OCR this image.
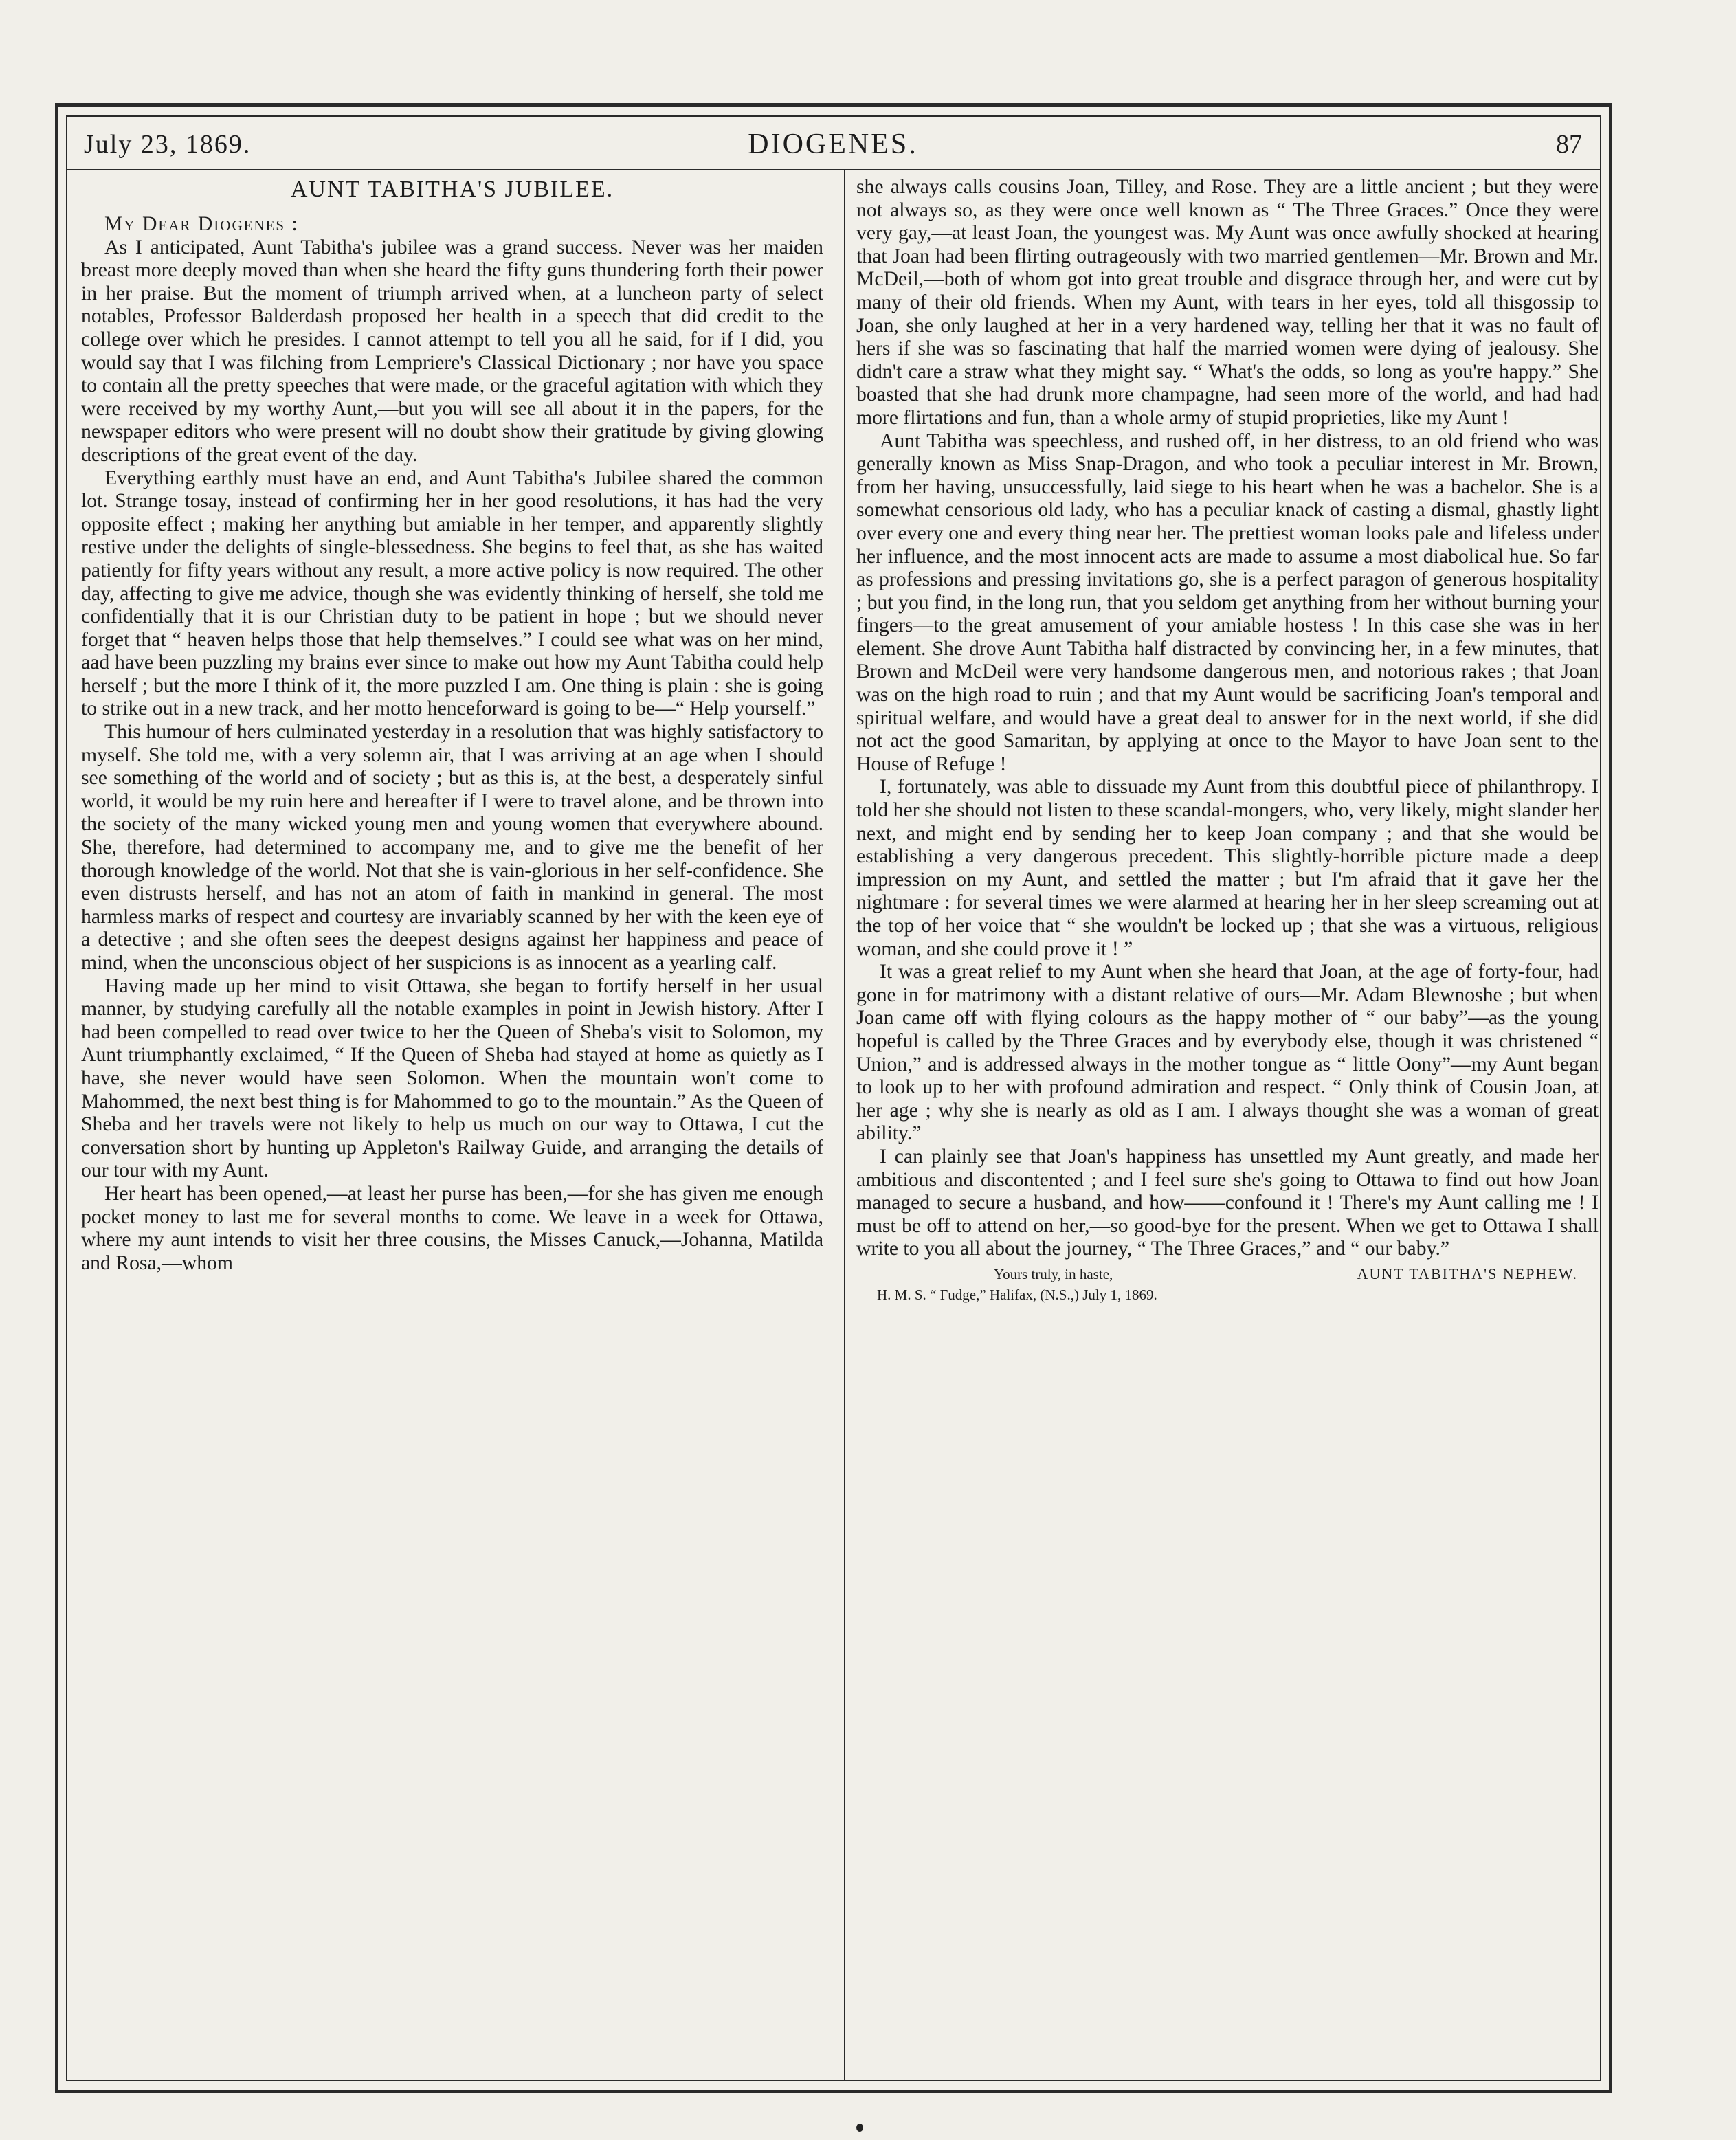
July 23, 1869.	DIOGENES.	87
AUNT TABITHA'S JUBILEE.

My Dear Diogenes :

As I anticipated, Aunt Tabitha's jubilee was a grand success. Never was her maiden breast more deeply moved than when she heard the fifty guns thundering forth their power in her praise. But the moment of triumph arrived when, at a luncheon party of select notables, Professor Balderdash proposed her health in a speech that did credit to the college over which he presides. I cannot attempt to tell you all he said, for if I did, you would say that I was filching from Lempriere's Classical Dictionary ; nor have you space to contain all the pretty speeches that were made, or the graceful agitation with which they were received by my worthy Aunt,—but you will see all about it in the papers, for the newspaper editors who were present will no doubt show their gratitude by giving glowing descriptions of the great event of the day.

Everything earthly must have an end, and Aunt Tabitha's Jubilee shared the common lot. Strange tosay, instead of confirming her in her good resolutions, it has had the very opposite effect ; making her anything but amiable in her temper, and apparently slightly restive under the delights of single-blessedness. She begins to feel that, as she has waited patiently for fifty years without any result, a more active policy is now required. The other day, affecting to give me advice, though she was evidently thinking of herself, she told me confidentially that it is our Christian duty to be patient in hope ; but we should never forget that “ heaven helps those that help themselves.” I could see what was on her mind, aad have been puzzling my brains ever since to make out how my Aunt Tabitha could help herself ; but the more I think of it, the more puzzled I am. One thing is plain : she is going to strike out in a new track, and her motto henceforward is going to be—“ Help yourself.”

This humour of hers culminated yesterday in a resolution that was highly satisfactory to myself. She told me, with a very solemn air, that I was arriving at an age when I should see something of the world and of society ; but as this is, at the best, a desperately sinful world, it would be my ruin here and hereafter if I were to travel alone, and be thrown into the society of the many wicked young men and young women that everywhere abound. She, therefore, had determined to accompany me, and to give me the benefit of her thorough knowledge of the world. Not that she is vain-glorious in her self-confidence. She even distrusts herself, and has not an atom of faith in mankind in general. The most harmless marks of respect and courtesy are invariably scanned by her with the keen eye of a detective ; and she often sees the deepest designs against her happiness and peace of mind, when the unconscious object of her suspicions is as innocent as a yearling calf.

Having made up her mind to visit Ottawa, she began to fortify herself in her usual manner, by studying carefully all the notable examples in point in Jewish history. After I had been compelled to read over twice to her the Queen of Sheba's visit to Solomon, my Aunt triumphantly exclaimed, “ If the Queen of Sheba had stayed at home as quietly as I have, she never would have seen Solomon. When the mountain won't come to Mahommed, the next best thing is for Mahommed to go to the mountain.” As the Queen of Sheba and her travels were not likely to help us much on our way to Ottawa, I cut the conversation short by hunting up Appleton's Railway Guide, and arranging the details of our tour with my Aunt.

Her heart has been opened,—at least her purse has been,—for she has given me enough pocket money to last me for several months to come. We leave in a week for Ottawa, where my aunt intends to visit her three cousins, the Misses Canuck,—Johanna, Matilda and Rosa,—whom

she always calls cousins Joan, Tilley, and Rose. They are a little ancient ; but they were not always so, as they were once well known as “ The Three Graces.” Once they were very gay,—at least Joan, the youngest was. My Aunt was once awfully shocked at hearing that Joan had been flirting outrageously with two married gentlemen—Mr. Brown and Mr. McDeil,—both of whom got into great trouble and disgrace through her, and were cut by many of their old friends. When my Aunt, with tears in her eyes, told all thisgossip to Joan, she only laughed at her in a very hardened way, telling her that it was no fault of hers if she was so fascinating that half the married women were dying of jealousy. She didn't care a straw what they might say. “ What's the odds, so long as you're happy.” She boasted that she had drunk more champagne, had seen more of the world, and had had more flirtations and fun, than a whole army of stupid proprieties, like my Aunt !

Aunt Tabitha was speechless, and rushed off, in her distress, to an old friend who was generally known as Miss Snap-Dragon, and who took a peculiar interest in Mr. Brown, from her having, unsuccessfully, laid siege to his heart when he was a bachelor. She is a somewhat censorious old lady, who has a peculiar knack of casting a dismal, ghastly light over every one and every thing near her. The prettiest woman looks pale and lifeless under her influence, and the most innocent acts are made to assume a most diabolical hue. So far as professions and pressing invitations go, she is a perfect paragon of generous hospitality ; but you find, in the long run, that you seldom get anything from her without burning your fingers—to the great amusement of your amiable hostess ! In this case she was in her element. She drove Aunt Tabitha half distracted by convincing her, in a few minutes, that Brown and McDeil were very handsome dangerous men, and notorious rakes ; that Joan was on the high road to ruin ; and that my Aunt would be sacrificing Joan's temporal and spiritual welfare, and would have a great deal to answer for in the next world, if she did not act the good Samaritan, by applying at once to the Mayor to have Joan sent to the House of Refuge !

I, fortunately, was able to dissuade my Aunt from this doubtful piece of philanthropy. I told her she should not listen to these scandal-mongers, who, very likely, might slander her next, and might end by sending her to keep Joan company ; and that she would be establishing a very dangerous precedent. This slightly-horrible picture made a deep impression on my Aunt, and settled the matter ; but I'm afraid that it gave her the nightmare : for several times we were alarmed at hearing her in her sleep screaming out at the top of her voice that “ she wouldn't be locked up ; that she was a virtuous, religious woman, and she could prove it ! ”

It was a great relief to my Aunt when she heard that Joan, at the age of forty-four, had gone in for matrimony with a distant relative of ours—Mr. Adam Blewnoshe ; but when Joan came off with flying colours as the happy mother of “ our baby”—as the young hopeful is called by the Three Graces and by everybody else, though it was christened “ Union,” and is addressed always in the mother tongue as “ little Oony”—my Aunt began to look up to her with profound admiration and respect. “ Only think of Cousin Joan, at her age ; why she is nearly as old as I am. I always thought she was a woman of great ability.”

I can plainly see that Joan's happiness has unsettled my Aunt greatly, and made her ambitious and discontented ; and I feel sure she's going to Ottawa to find out how Joan managed to secure a husband, and how——confound it ! There's my Aunt calling me ! I must be off to attend on her,—so good-bye for the present. When we get to Ottawa I shall write to you all about the journey, “ The Three Graces,” and “ our baby.”

Yours truly, in haste,	AUNT TABITHA'S NEPHEW.
H. M. S. “ Fudge,” Halifax, (N.S.,) July 1, 1869.
